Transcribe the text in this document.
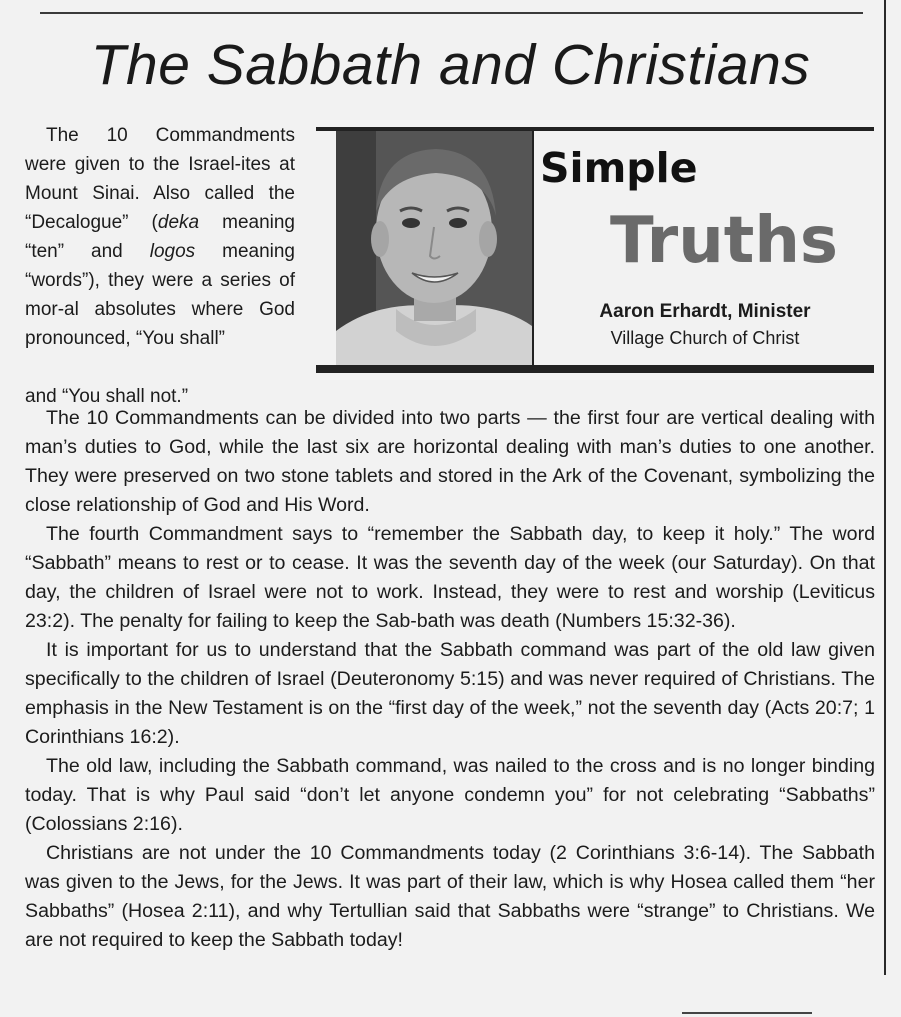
The Sabbath and Christians

The 10 Commandments were given to the Israel-ites at Mount Sinai. Also called the “Decalogue” (deka meaning “ten” and logos meaning “words”), they were a series of mor-al absolutes where God pronounced, “You shall”

and “You shall not.”

Simple
Truths
Aaron Erhardt, Minister
Village Church of Christ

The 10 Commandments can be divided into two parts — the first four are vertical dealing with man’s duties to God, while the last six are horizontal dealing with man’s duties to one another. They were preserved on two stone tablets and stored in the Ark of the Covenant, symbolizing the close relationship of God and His Word.

The fourth Commandment says to “remember the Sabbath day, to keep it holy.” The word “Sabbath” means to rest or to cease. It was the seventh day of the week (our Saturday). On that day, the children of Israel were not to work. Instead, they were to rest and worship (Leviticus 23:2). The penalty for failing to keep the Sab-bath was death (Numbers 15:32-36).

It is important for us to understand that the Sabbath command was part of the old law given specifically to the children of Israel (Deuteronomy 5:15) and was never required of Christians. The emphasis in the New Testament is on the “first day of the week,” not the seventh day (Acts 20:7; 1 Corinthians 16:2).

The old law, including the Sabbath command, was nailed to the cross and is no longer binding today. That is why Paul said “don’t let anyone condemn you” for not celebrating “Sabbaths” (Colossians 2:16).

Christians are not under the 10 Commandments today (2 Corinthians 3:6-14). The Sabbath was given to the Jews, for the Jews. It was part of their law, which is why Hosea called them “her Sabbaths” (Hosea 2:11), and why Tertullian said that Sabbaths were “strange” to Christians. We are not required to keep the Sabbath today!
